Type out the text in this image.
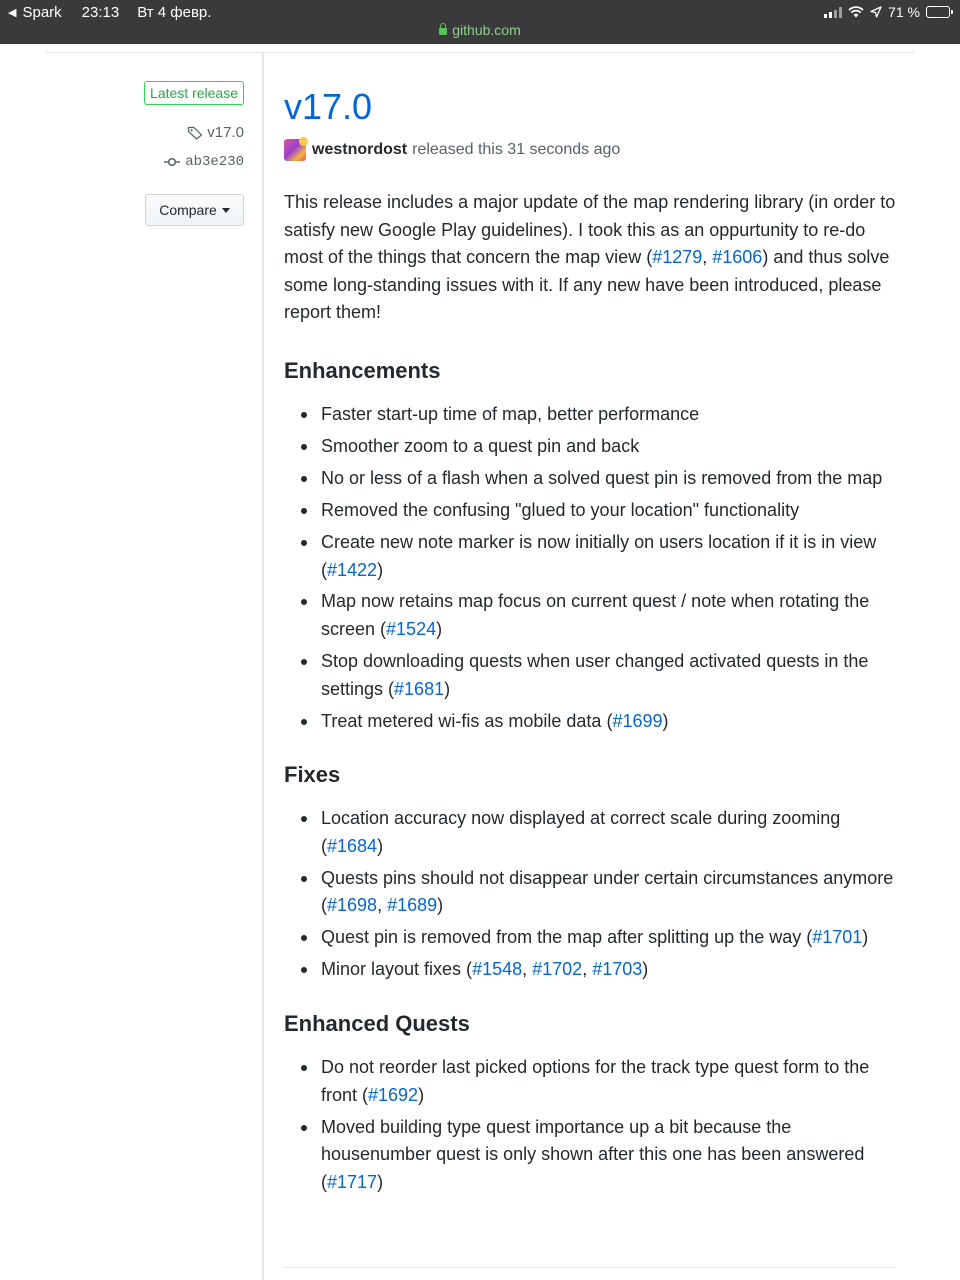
◀ Spark 23:13 Вт 4 февр.	71 %
github.com
Latest release
v17.0
ab3e230
Compare
v17.0
westnordost released this 31 seconds ago

This release includes a major update of the map rendering library (in order to satisfy new Google Play guidelines). I took this as an oppurtunity to re-do most of the things that concern the map view (#1279, #1606) and thus solve some long-standing issues with it. If any new have been introduced, please report them!

Enhancements
Faster start-up time of map, better performance
Smoother zoom to a quest pin and back
No or less of a flash when a solved quest pin is removed from the map
Removed the confusing "glued to your location" functionality
Create new note marker is now initially on users location if it is in view (#1422)
Map now retains map focus on current quest / note when rotating the screen (#1524)
Stop downloading quests when user changed activated quests in the settings (#1681)
Treat metered wi-fis as mobile data (#1699)
Fixes
Location accuracy now displayed at correct scale during zooming (#1684)
Quests pins should not disappear under certain circumstances anymore (#1698, #1689)
Quest pin is removed from the map after splitting up the way (#1701)
Minor layout fixes (#1548, #1702, #1703)
Enhanced Quests
Do not reorder last picked options for the track type quest form to the front (#1692)
Moved building type quest importance up a bit because the housenumber quest is only shown after this one has been answered (#1717)
